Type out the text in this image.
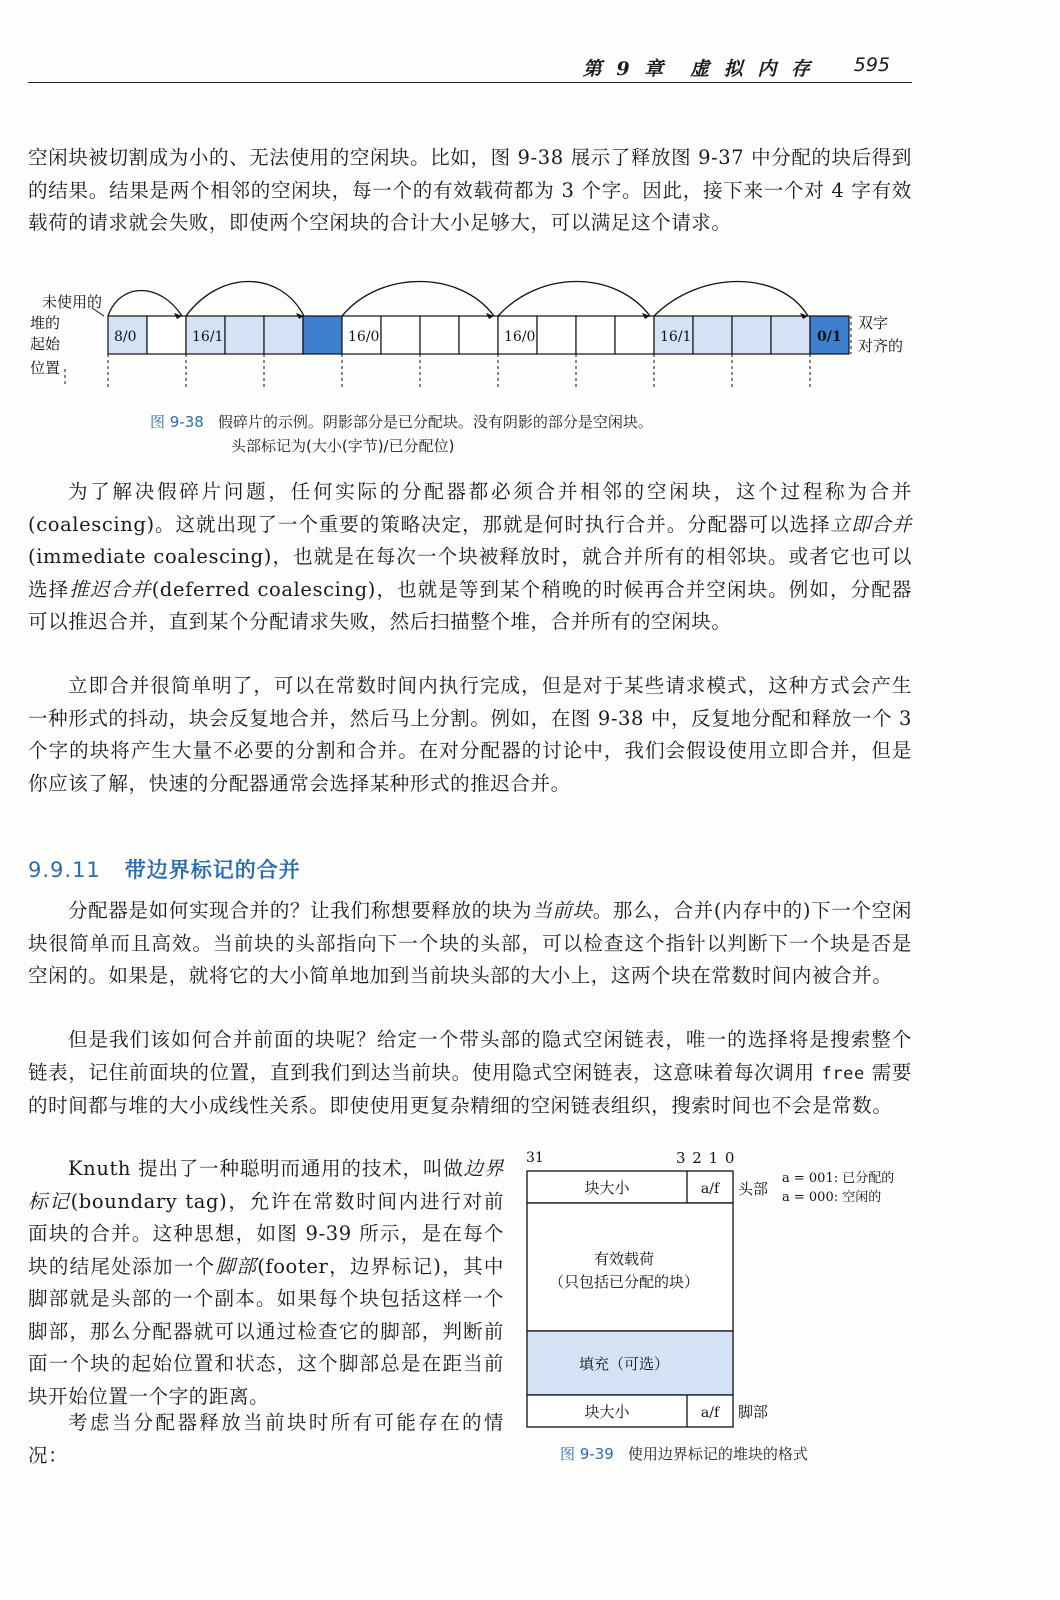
第 9 章　虚 拟 内 存 595
空闲块被切割成为小的、无法使用的空闲块。比如，图 9-38 展示了释放图 9-37 中分配的块后得到的结果。结果是两个相邻的空闲块，每一个的有效载荷都为 3 个字。因此，接下来一个对 4 字有效载荷的请求就会失败，即使两个空闲块的合计大小足够大，可以满足这个请求。
未使用的
堆的
起始
位置
8/0	16/1	16/0	16/0	16/1	0/1
双字
对齐的
图 9-38 假碎片的示例。阴影部分是已分配块。没有阴影的部分是空闲块。
头部标记为(大小(字节)/已分配位)
为了解决假碎片问题，任何实际的分配器都必须合并相邻的空闲块，这个过程称为合并(coalescing)。这就出现了一个重要的策略决定，那就是何时执行合并。分配器可以选择立即合并(immediate coalescing)，也就是在每次一个块被释放时，就合并所有的相邻块。或者它也可以选择推迟合并(deferred coalescing)，也就是等到某个稍晚的时候再合并空闲块。例如，分配器可以推迟合并，直到某个分配请求失败，然后扫描整个堆，合并所有的空闲块。
立即合并很简单明了，可以在常数时间内执行完成，但是对于某些请求模式，这种方式会产生一种形式的抖动，块会反复地合并，然后马上分割。例如，在图 9-38 中，反复地分配和释放一个 3 个字的块将产生大量不必要的分割和合并。在对分配器的讨论中，我们会假设使用立即合并，但是你应该了解，快速的分配器通常会选择某种形式的推迟合并。
9.9.11 带边界标记的合并
分配器是如何实现合并的？让我们称想要释放的块为当前块。那么，合并(内存中的)下一个空闲块很简单而且高效。当前块的头部指向下一个块的头部，可以检查这个指针以判断下一个块是否是空闲的。如果是，就将它的大小简单地加到当前块头部的大小上，这两个块在常数时间内被合并。
但是我们该如何合并前面的块呢？给定一个带头部的隐式空闲链表，唯一的选择将是搜索整个链表，记住前面块的位置，直到我们到达当前块。使用隐式空闲链表，这意味着每次调用 free 需要的时间都与堆的大小成线性关系。即使使用更复杂精细的空闲链表组织，搜索时间也不会是常数。
Knuth 提出了一种聪明而通用的技术，叫做边界标记(boundary tag)，允许在常数时间内进行对前面块的合并。这种思想，如图 9-39 所示，是在每个块的结尾处添加一个脚部(footer，边界标记)，其中脚部就是头部的一个副本。如果每个块包括这样一个脚部，那么分配器就可以通过检查它的脚部，判断前面一个块的起始位置和状态，这个脚部总是在距当前块开始位置一个字的距离。
考虑当分配器释放当前块时所有可能存在的情况：
31	3 2 1 0
块大小	a/f 头部
a = 001: 已分配的
a = 000: 空闲的
有效载荷
（只包括已分配的块）
填充（可选）
块大小	a/f 脚部
图 9-39 使用边界标记的堆块的格式
